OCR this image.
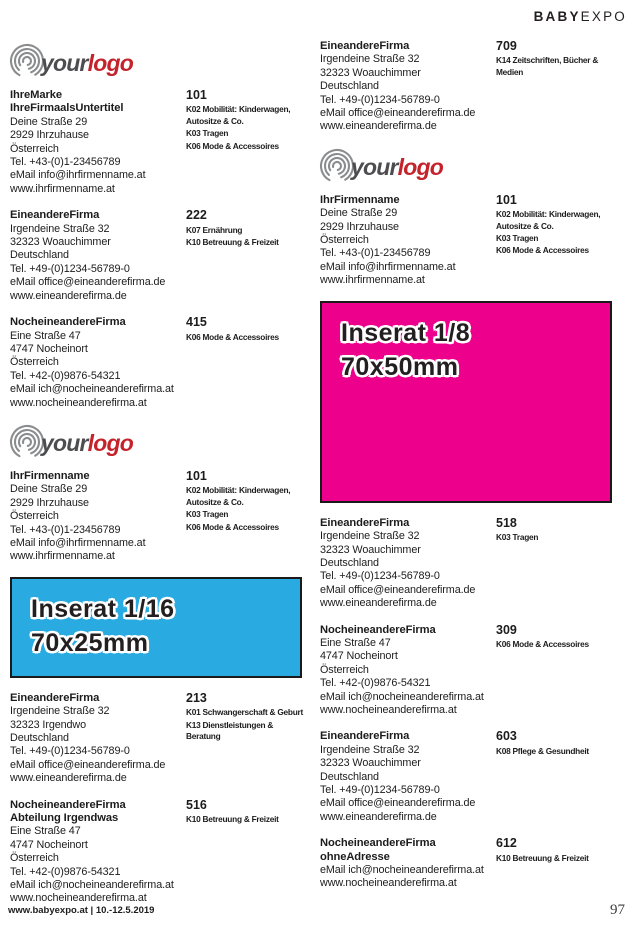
BABYEXPO
yourlogo
IhreMarke
IhreFirmaalsUntertitel
Deine Straße 29
2929 Ihrzuhause
Österreich
Tel. +43-(0)1-23456789
eMail info@ihrfirmenname.at
www.ihrfirmenname.at
101
K02 Mobilität: Kinderwagen, Autositze & Co.
K03 Tragen
K06 Mode & Accessoires
EineandereFirma
Irgendeine Straße 32
32323 Woauchimmer
Deutschland
Tel. +49-(0)1234-56789-0
eMail office@eineanderefirma.de
www.eineanderefirma.de
222
K07 Ernährung
K10 Betreuung & Freizeit
NocheineandereFirma
Eine Straße 47
4747 Nocheinort
Österreich
Tel. +42-(0)9876-54321
eMail ich@nocheineanderefirma.at
www.nocheineanderefirma.at
415
K06 Mode & Accessoires
yourlogo
IhrFirmenname
Deine Straße 29
2929 Ihrzuhause
Österreich
Tel. +43-(0)1-23456789
eMail info@ihrfirmenname.at
www.ihrfirmenname.at
101
K02 Mobilität: Kinderwagen, Autositze & Co.
K03 Tragen
K06 Mode & Accessoires
Inserat 1/16
70x25mm
EineandereFirma
Irgendeine Straße 32
32323 Irgendwo
Deutschland
Tel. +49-(0)1234-56789-0
eMail office@eineanderefirma.de
www.eineanderefirma.de
213
K01 Schwangerschaft & Geburt
K13 Dienstleistungen & Beratung
NocheineandereFirma
Abteilung Irgendwas
Eine Straße 47
4747 Nocheinort
Österreich
Tel. +42-(0)9876-54321
eMail ich@nocheineanderefirma.at
www.nocheineanderefirma.at
516
K10 Betreuung & Freizeit
EineandereFirma
Irgendeine Straße 32
32323 Woauchimmer
Deutschland
Tel. +49-(0)1234-56789-0
eMail office@eineanderefirma.de
www.eineanderefirma.de
709
K14 Zeitschriften, Bücher & Medien
yourlogo
IhrFirmenname
Deine Straße 29
2929 Ihrzuhause
Österreich
Tel. +43-(0)1-23456789
eMail info@ihrfirmenname.at
www.ihrfirmenname.at
101
K02 Mobilität: Kinderwagen, Autositze & Co.
K03 Tragen
K06 Mode & Accessoires
Inserat 1/8
70x50mm
EineandereFirma
Irgendeine Straße 32
32323 Woauchimmer
Deutschland
Tel. +49-(0)1234-56789-0
eMail office@eineanderefirma.de
www.eineanderefirma.de
518
K03 Tragen
NocheineandereFirma
Eine Straße 47
4747 Nocheinort
Österreich
Tel. +42-(0)9876-54321
eMail ich@nocheineanderefirma.at
www.nocheineanderefirma.at
309
K06 Mode & Accessoires
EineandereFirma
Irgendeine Straße 32
32323 Woauchimmer
Deutschland
Tel. +49-(0)1234-56789-0
eMail office@eineanderefirma.de
www.eineanderefirma.de
603
K08 Pflege & Gesundheit
NocheineandereFirma
ohneAdresse
eMail ich@nocheineanderefirma.at
www.nocheineanderefirma.at
612
K10 Betreuung & Freizeit
www.babyexpo.at | 10.-12.5.2019	97
